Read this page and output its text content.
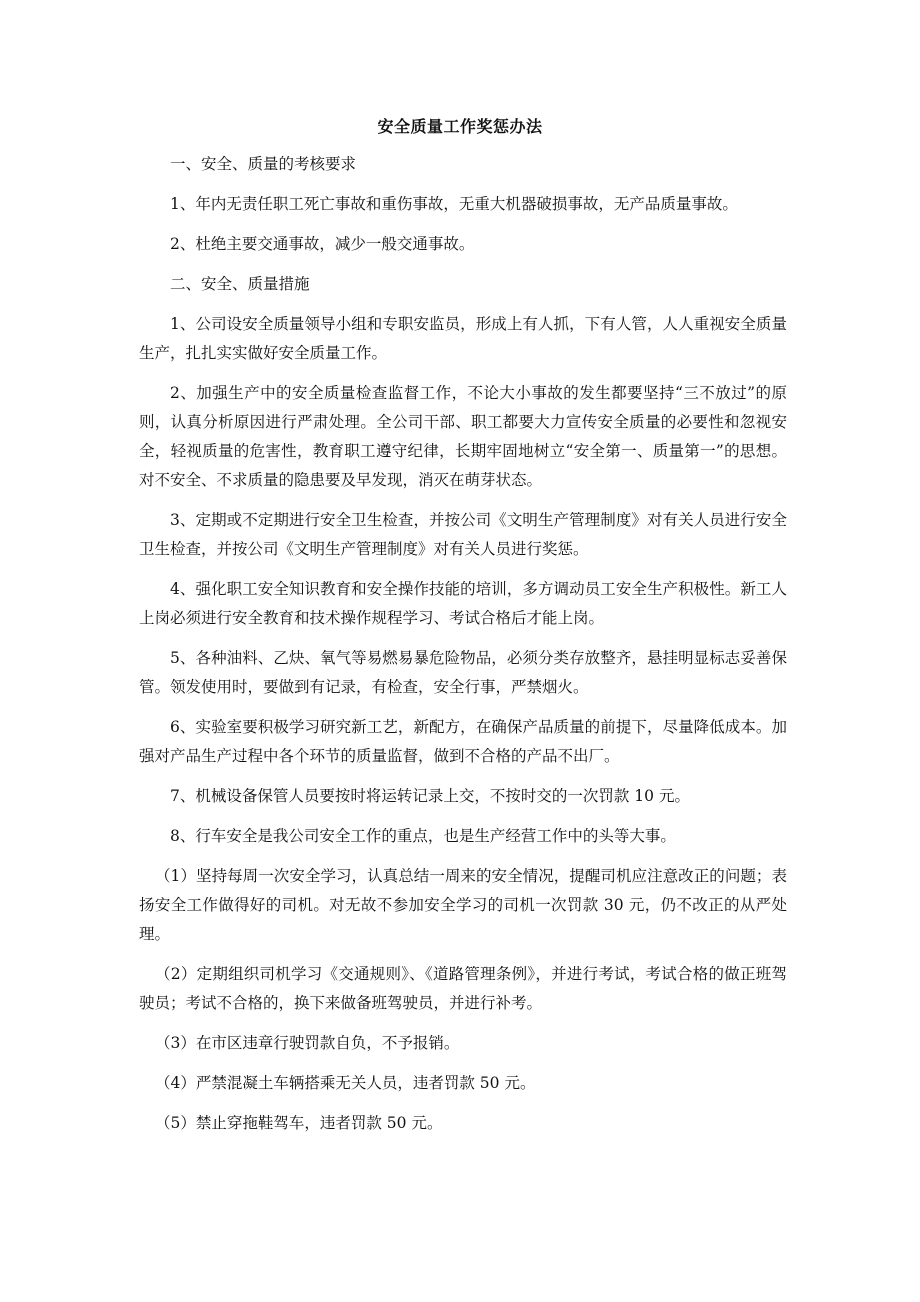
安全质量工作奖惩办法

一、安全、质量的考核要求

1、年内无责任职工死亡事故和重伤事故，无重大机器破损事故，无产品质量事故。

2、杜绝主要交通事故，减少一般交通事故。

二、安全、质量措施

1、公司设安全质量领导小组和专职安监员，形成上有人抓，下有人管，人人重视安全质量生产，扎扎实实做好安全质量工作。

2、加强生产中的安全质量检查监督工作，不论大小事故的发生都要坚持“三不放过”的原则，认真分析原因进行严肃处理。全公司干部、职工都要大力宣传安全质量的必要性和忽视安全，轻视质量的危害性，教育职工遵守纪律，长期牢固地树立“安全第一、质量第一”的思想。对不安全、不求质量的隐患要及早发现，消灭在萌芽状态。

3、定期或不定期进行安全卫生检查，并按公司《文明生产管理制度》对有关人员进行安全卫生检查，并按公司《文明生产管理制度》对有关人员进行奖惩。

4、强化职工安全知识教育和安全操作技能的培训，多方调动员工安全生产积极性。新工人上岗必须进行安全教育和技术操作规程学习、考试合格后才能上岗。

5、各种油料、乙炔、氧气等易燃易暴危险物品，必须分类存放整齐，悬挂明显标志妥善保管。领发使用时，要做到有记录，有检查，安全行事，严禁烟火。

6、实验室要积极学习研究新工艺，新配方，在确保产品质量的前提下，尽量降低成本。加强对产品生产过程中各个环节的质量监督，做到不合格的产品不出厂。

7、机械设备保管人员要按时将运转记录上交，不按时交的一次罚款 10 元。

8、行车安全是我公司安全工作的重点，也是生产经营工作中的头等大事。

（1）坚持每周一次安全学习，认真总结一周来的安全情况，提醒司机应注意改正的问题；表扬安全工作做得好的司机。对无故不参加安全学习的司机一次罚款 30 元，仍不改正的从严处理。

（2）定期组织司机学习《交通规则》、《道路管理条例》，并进行考试，考试合格的做正班驾驶员；考试不合格的，换下来做备班驾驶员，并进行补考。

（3）在市区违章行驶罚款自负，不予报销。

（4）严禁混凝土车辆搭乘无关人员，违者罚款 50 元。

（5）禁止穿拖鞋驾车，违者罚款 50 元。
